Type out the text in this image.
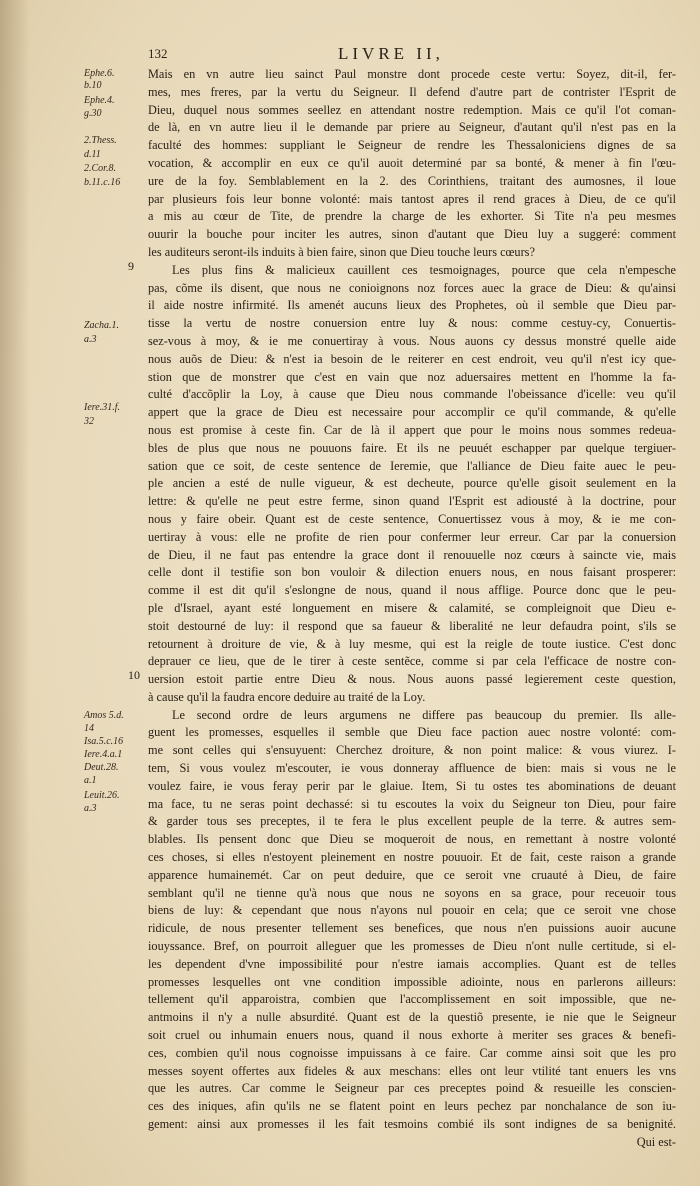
132	LIVRE II,
Ephe.6.
b.10
Ephe.4.
g.30
2.Thess.
d.11
2.Cor.8.
b.11.c.16
Zacha.1.
a.3
Iere.31.f.
32
Amos 5.d.
14
Isa.5.c.16
Iere.4.a.1
Deut.28.
a.1
Leuit.26.
a.3
9
10
Mais en vn autre lieu sainct Paul monstre dont procede ceste vertu: Soyez, dit-il, fer-
mes, mes freres, par la vertu du Seigneur. Il defend d'autre part de contrister l'Esprit de
Dieu, duquel nous sommes seellez en attendant nostre redemption. Mais ce qu'il l'ot coman-
de là, en vn autre lieu il le demande par priere au Seigneur, d'autant qu'il n'est pas en la
faculté des hommes: suppliant le Seigneur de rendre les Thessaloniciens dignes de sa
vocation, & accomplir en eux ce qu'il auoit determiné par sa bonté, & mener à fin l'œu-
ure de la foy. Semblablement en la 2. des Corinthiens, traitant des aumosnes, il loue
par plusieurs fois leur bonne volonté: mais tantost apres il rend graces à Dieu, de ce qu'il
a mis au cœur de Tite, de prendre la charge de les exhorter. Si Tite n'a peu mesmes
ouurir la bouche pour inciter les autres, sinon d'autant que Dieu luy a suggeré: comment
les auditeurs seront-ils induits à bien faire, sinon que Dieu touche leurs cœurs?
Les plus fins & malicieux cauillent ces tesmoignages, pource que cela n'empesche
pas, cõme ils disent, que nous ne conioignons noz forces auec la grace de Dieu: & qu'ainsi
il aide nostre infirmité. Ils amenét aucuns lieux des Prophetes, où il semble que Dieu par-
tisse la vertu de nostre conuersion entre luy & nous: comme cestuy-cy, Conuertis-
sez-vous à moy, & ie me conuertiray à vous. Nous auons cy dessus monstré quelle aide
nous auõs de Dieu: & n'est ia besoin de le reiterer en cest endroit, veu qu'il n'est icy que-
stion que de monstrer que c'est en vain que noz aduersaires mettent en l'homme la fa-
culté d'accõplir la Loy, à cause que Dieu nous commande l'obeissance d'icelle: veu qu'il
appert que la grace de Dieu est necessaire pour accomplir ce qu'il commande, & qu'elle
nous est promise à ceste fin. Car de là il appert que pour le moins nous sommes redeua-
bles de plus que nous ne pouuons faire. Et ils ne peuuét eschapper par quelque tergiuer-
sation que ce soit, de ceste sentence de Ieremie, que l'alliance de Dieu faite auec le peu-
ple ancien a esté de nulle vigueur, & est decheute, pource qu'elle gisoit seulement en la
lettre: & qu'elle ne peut estre ferme, sinon quand l'Esprit est adiousté à la doctrine, pour
nous y faire obeir. Quant est de ceste sentence, Conuertissez vous à moy, & ie me con-
uertiray à vous: elle ne profite de rien pour confermer leur erreur. Car par la conuersion
de Dieu, il ne faut pas entendre la grace dont il renouuelle noz cœurs à saincte vie, mais
celle dont il testifie son bon vouloir & dilection enuers nous, en nous faisant prosperer:
comme il est dit qu'il s'eslongne de nous, quand il nous afflige. Pource donc que le peu-
ple d'Israel, ayant esté longuement en misere & calamité, se compleignoit que Dieu e-
stoit destourné de luy: il respond que sa faueur & liberalité ne leur defaudra point, s'ils se
retournent à droiture de vie, & à luy mesme, qui est la reigle de toute iustice. C'est donc
deprauer ce lieu, que de le tirer à ceste sentẽce, comme si par cela l'efficace de nostre con-
uersion estoit partie entre Dieu & nous. Nous auons passé legierement ceste question,
à cause qu'il la faudra encore deduire au traité de la Loy.
Le second ordre de leurs argumens ne differe pas beaucoup du premier. Ils alle-
guent les promesses, esquelles il semble que Dieu face paction auec nostre volonté: com-
me sont celles qui s'ensuyuent: Cherchez droiture, & non point malice: & vous viurez. I-
tem, Si vous voulez m'escouter, ie vous donneray affluence de bien: mais si vous ne le
voulez faire, ie vous feray perir par le glaiue. Item, Si tu ostes tes abominations de deuant
ma face, tu ne seras point dechassé: si tu escoutes la voix du Seigneur ton Dieu, pour faire
& garder tous ses preceptes, il te fera le plus excellent peuple de la terre. & autres sem-
blables. Ils pensent donc que Dieu se moqueroit de nous, en remettant à nostre volonté
ces choses, si elles n'estoyent pleinement en nostre pouuoir. Et de fait, ceste raison a grande
apparence humainemét. Car on peut deduire, que ce seroit vne cruauté à Dieu, de faire
semblant qu'il ne tienne qu'à nous que nous ne soyons en sa grace, pour receuoir tous
biens de luy: & cependant que nous n'ayons nul pouoir en cela; que ce seroit vne chose
ridicule, de nous presenter tellement ses benefices, que nous n'en puissions auoir aucune
iouyssance. Bref, on pourroit alleguer que les promesses de Dieu n'ont nulle certitude, si el-
les dependent d'vne impossibilité pour n'estre iamais accomplies. Quant est de telles
promesses lesquelles ont vne condition impossible adiointe, nous en parlerons ailleurs:
tellement qu'il apparoistra, combien que l'accomplissement en soit impossible, que ne-
antmoins il n'y a nulle absurdité. Quant est de la questiõ presente, ie nie que le Seigneur
soit cruel ou inhumain enuers nous, quand il nous exhorte à meriter ses graces & benefi-
ces, combien qu'il nous cognoisse impuissans à ce faire. Car comme ainsi soit que les pro
messes soyent offertes aux fideles & aux meschans: elles ont leur vtilité tant enuers les vns
que les autres. Car comme le Seigneur par ces preceptes poind & resueille les conscien-
ces des iniques, afin qu'ils ne se flatent point en leurs pechez par nonchalance de son iu-
gement: ainsi aux promesses il les fait tesmoins combié ils sont indignes de sa benignité.
Qui est-
